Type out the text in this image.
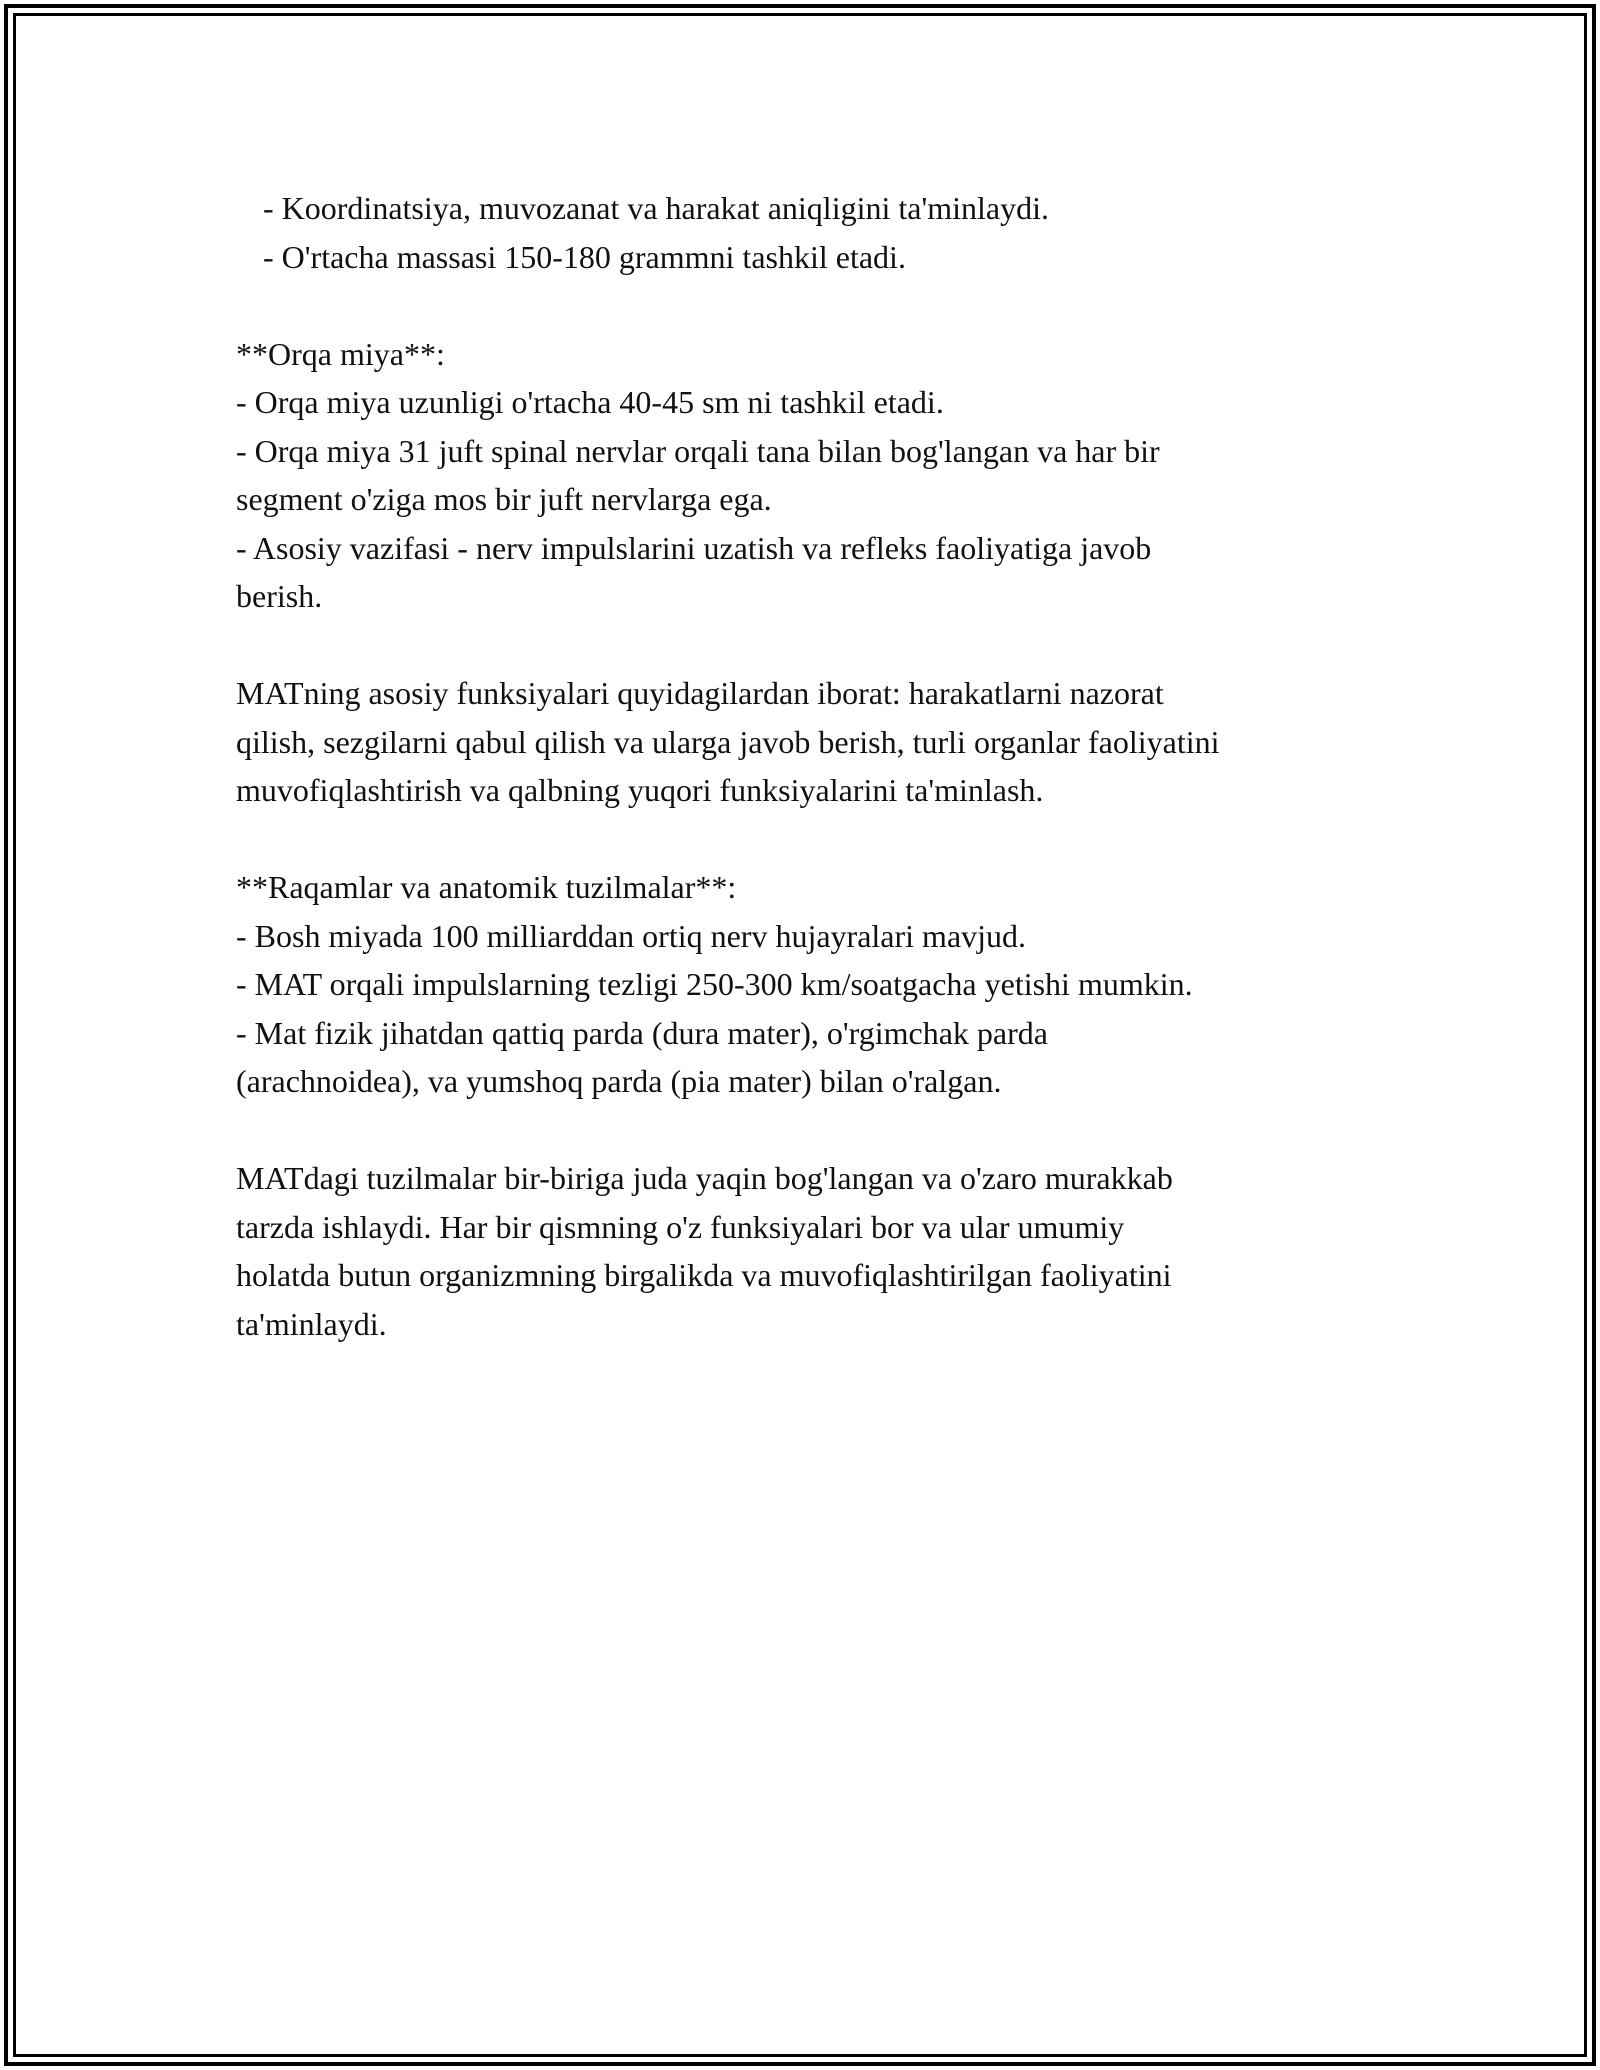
- Koordinatsiya, muvozanat va harakat aniqligini ta'minlaydi.
- O'rtacha massasi 150-180 grammni tashkil etadi.
**Orqa miya**:
- Orqa miya uzunligi o'rtacha 40-45 sm ni tashkil etadi.
- Orqa miya 31 juft spinal nervlar orqali tana bilan bog'langan va har bir
segment o'ziga mos bir juft nervlarga ega.
- Asosiy vazifasi - nerv impulslarini uzatish va refleks faoliyatiga javob
berish.
MATning asosiy funksiyalari quyidagilardan iborat: harakatlarni nazorat
qilish, sezgilarni qabul qilish va ularga javob berish, turli organlar faoliyatini
muvofiqlashtirish va qalbning yuqori funksiyalarini ta'minlash.
**Raqamlar va anatomik tuzilmalar**:
- Bosh miyada 100 milliarddan ortiq nerv hujayralari mavjud.
- MAT orqali impulslarning tezligi 250-300 km/soatgacha yetishi mumkin.
- Mat fizik jihatdan qattiq parda (dura mater), o'rgimchak parda
(arachnoidea), va yumshoq parda (pia mater) bilan o'ralgan.
MATdagi tuzilmalar bir-biriga juda yaqin bog'langan va o'zaro murakkab
tarzda ishlaydi. Har bir qismning o'z funksiyalari bor va ular umumiy
holatda butun organizmning birgalikda va muvofiqlashtirilgan faoliyatini
ta'minlaydi.
